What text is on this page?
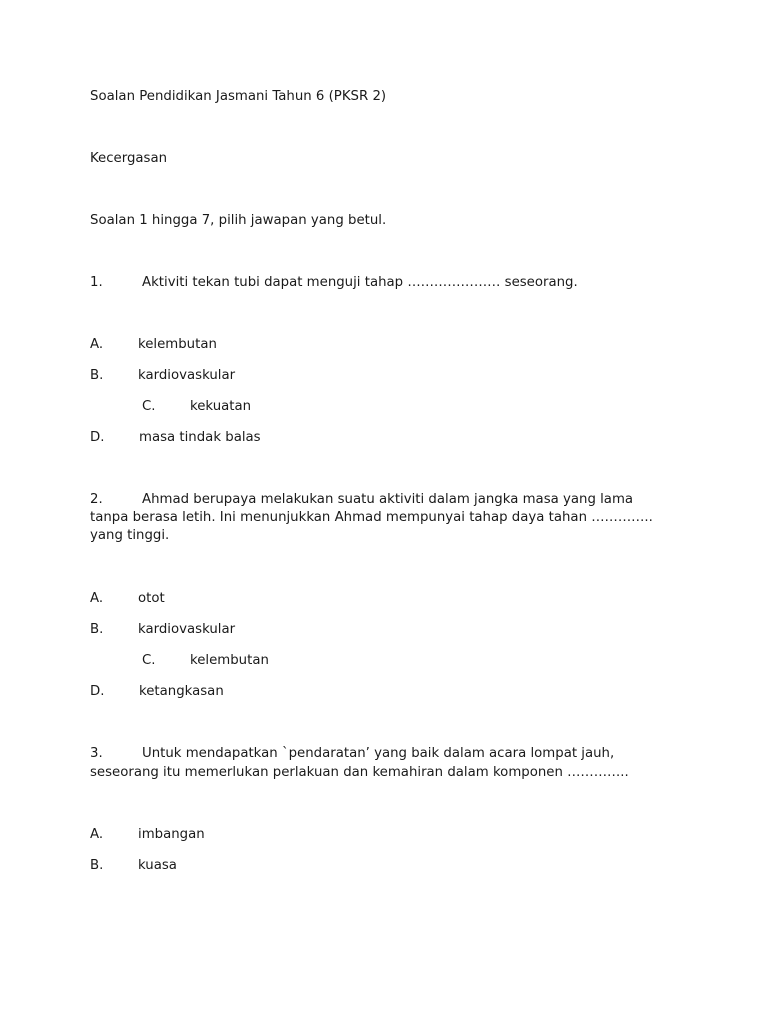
Soalan Pendidikan Jasmani Tahun 6 (PKSR 2)
Kecergasan
Soalan 1 hingga 7, pilih jawapan yang betul.
1.	Aktiviti tekan tubi dapat menguji tahap ………………… seseorang.
A.	kelembutan
B.	kardiovaskular
C.	kekuatan
D.	masa tindak balas
2.	Ahmad berupaya melakukan suatu aktiviti dalam jangka masa yang lama
tanpa berasa letih. Ini menunjukkan Ahmad mempunyai tahap daya tahan …………..
yang tinggi.
A.	otot
B.	kardiovaskular
C.	kelembutan
D.	ketangkasan
3.	Untuk mendapatkan `pendaratan’ yang baik dalam acara lompat jauh,
seseorang itu memerlukan perlakuan dan kemahiran dalam komponen …………..
A.	imbangan
B.	kuasa
